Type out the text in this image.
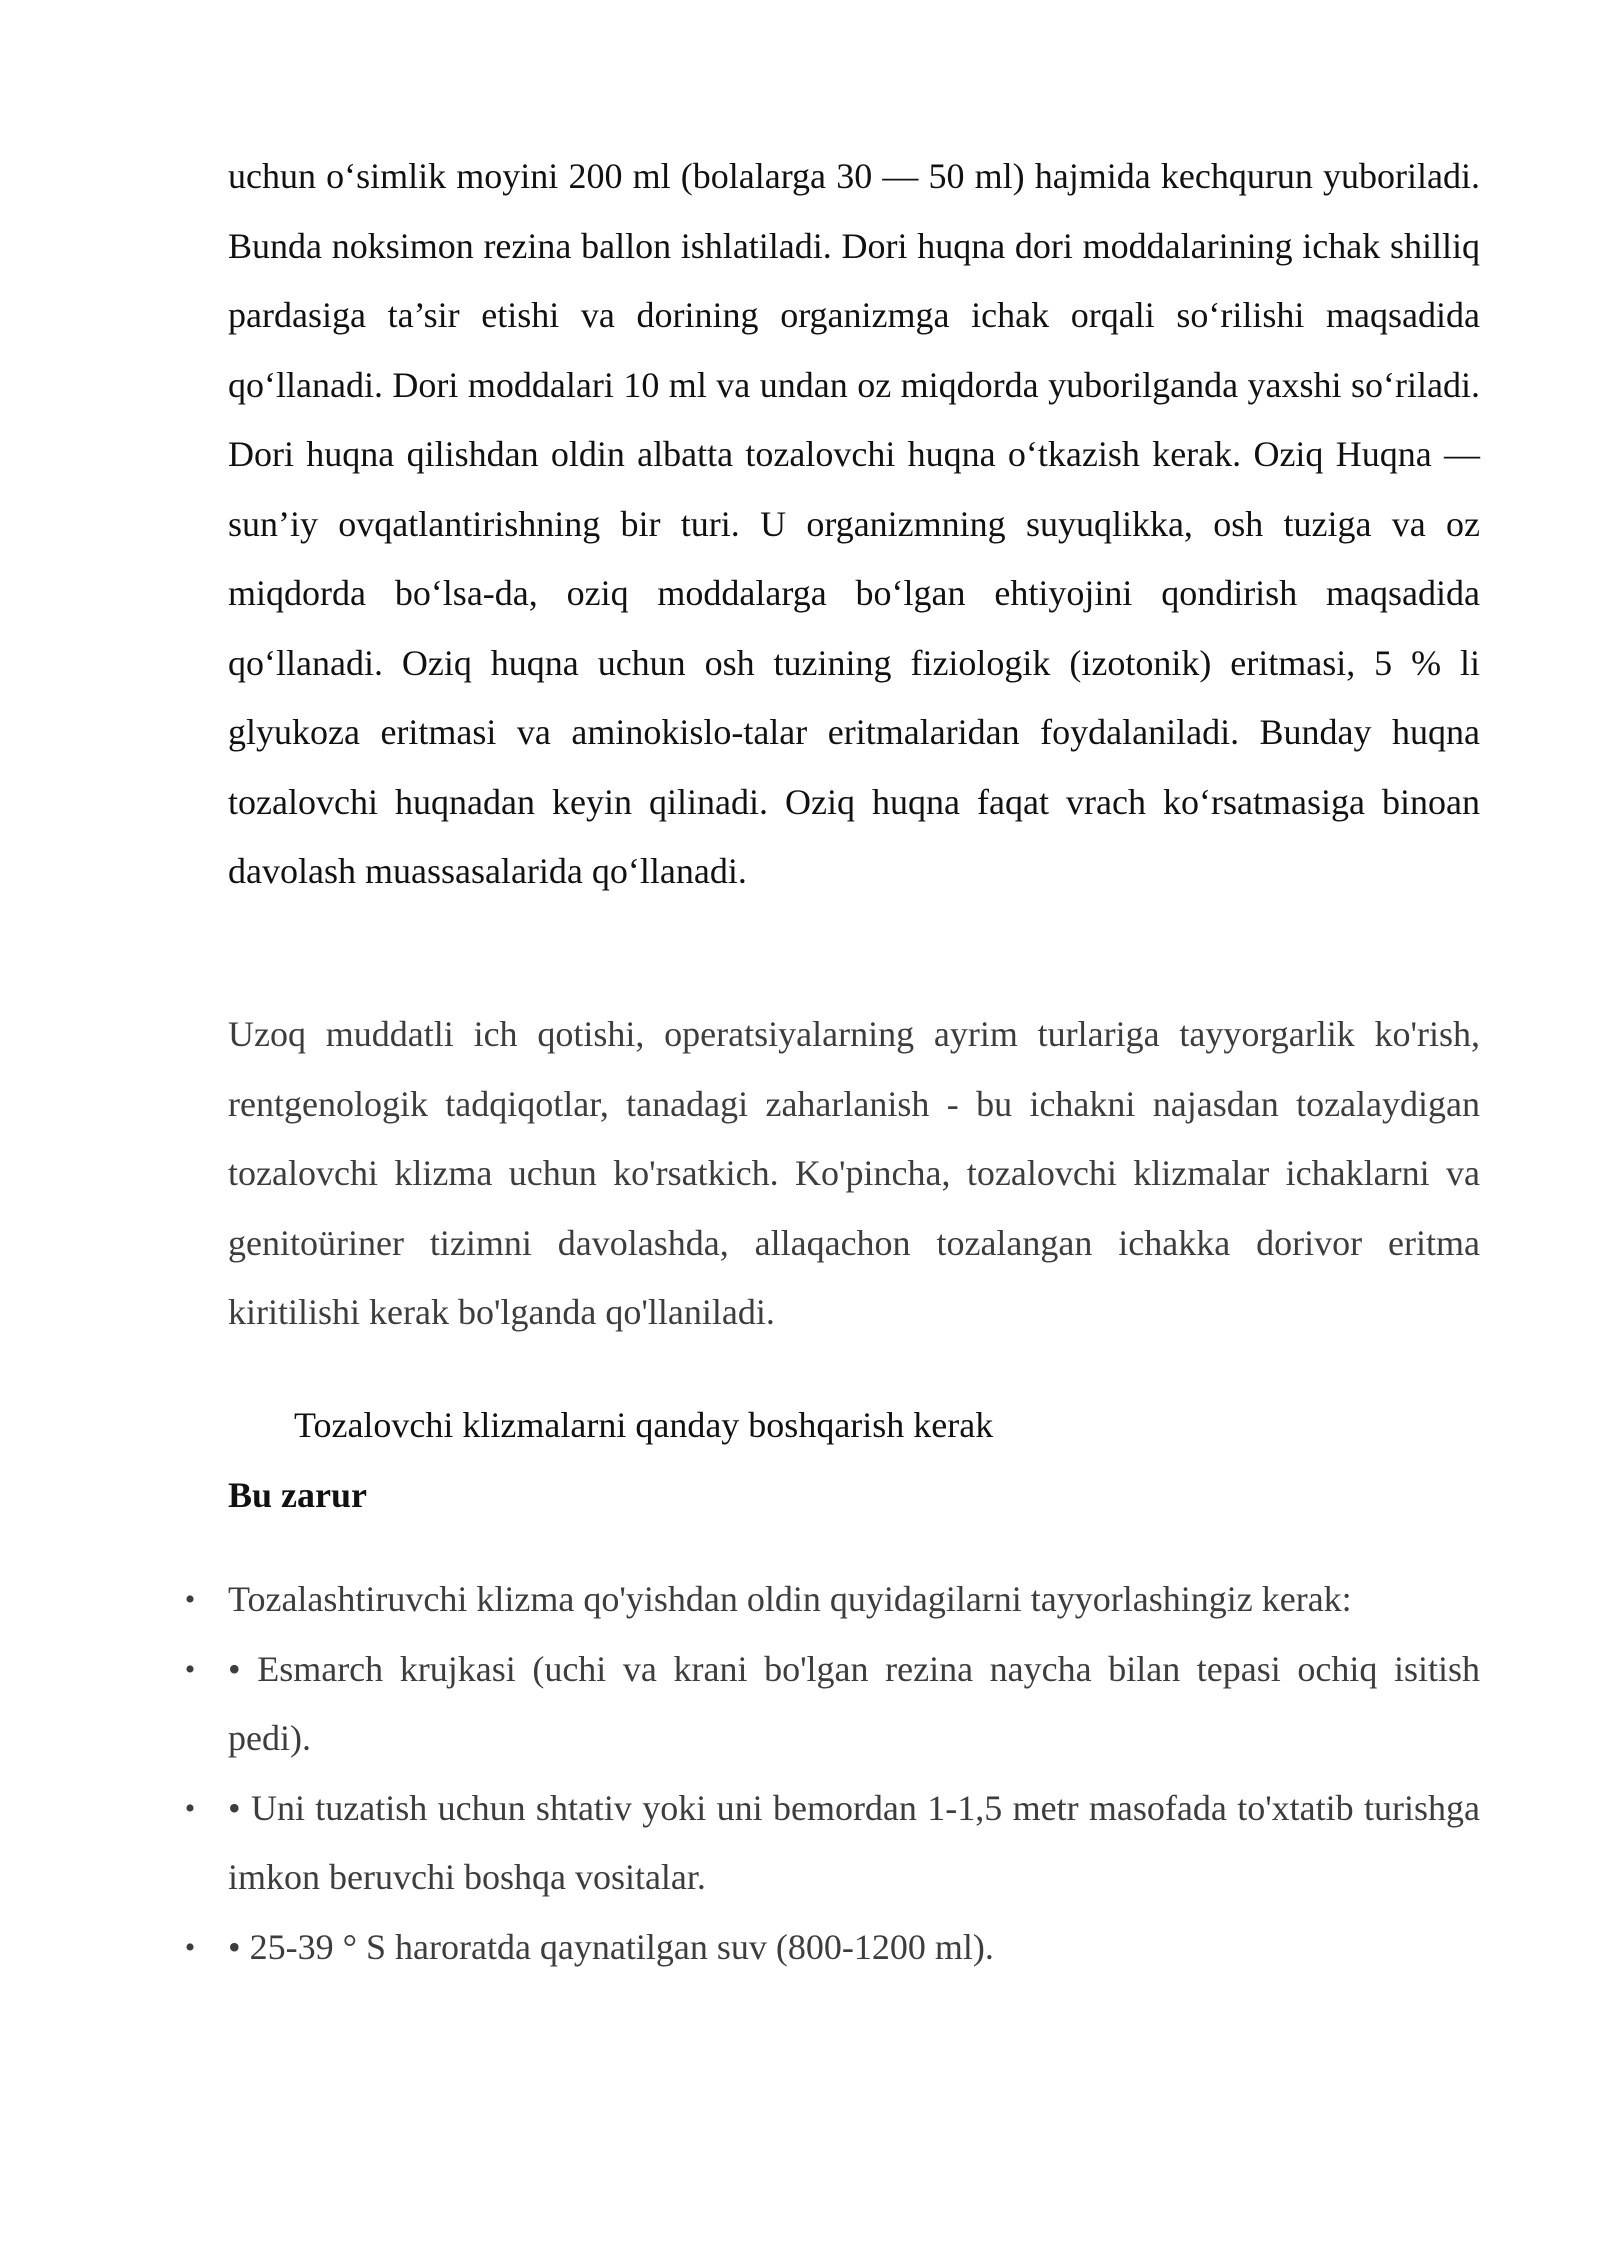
uchun o‘simlik moyini 200 ml (bolalarga 30 — 50 ml) hajmida kechqurun yuboriladi. Bunda noksimon rezina ballon ishlatiladi. Dori huqna dori moddalarining ichak shilliq pardasiga ta’sir etishi va dorining organizmga ichak orqali so‘rilishi maqsadida qo‘llanadi. Dori moddalari 10 ml va undan oz miqdorda yuborilganda yaxshi so‘riladi. Dori huqna qilishdan oldin albatta tozalovchi huqna o‘tkazish kerak. Oziq Huqna — sun’iy ovqatlantirishning bir turi. U organizmning suyuqlikka, osh tuziga va oz miqdorda bo‘lsa-da, oziq moddalarga bo‘lgan ehtiyojini qondirish maqsadida qo‘llanadi. Oziq huqna uchun osh tuzining fiziologik (izotonik) eritmasi, 5 % li glyukoza eritmasi va aminokislo-talar eritmalaridan foydalaniladi. Bunday huqna tozalovchi huqnadan keyin qilinadi. Oziq huqna faqat vrach ko‘rsatmasiga binoan davolash muassasalarida qo‘llanadi.

Uzoq muddatli ich qotishi, operatsiyalarning ayrim turlariga tayyorgarlik ko'rish, rentgenologik tadqiqotlar, tanadagi zaharlanish - bu ichakni najasdan tozalaydigan tozalovchi klizma uchun ko'rsatkich. Ko'pincha, tozalovchi klizmalar ichaklarni va genitoüriner tizimni davolashda, allaqachon tozalangan ichakka dorivor eritma kiritilishi kerak bo'lganda qo'llaniladi.

Tozalovchi klizmalarni qanday boshqarish kerak

Bu zarur

• Tozalashtiruvchi klizma qo'yishdan oldin quyidagilarni tayyorlashingiz kerak:
• • Esmarch krujkasi (uchi va krani bo'lgan rezina naycha bilan tepasi ochiq isitish pedi).
• • Uni tuzatish uchun shtativ yoki uni bemordan 1-1,5 metr masofada to'xtatib turishga imkon beruvchi boshqa vositalar.
• • 25-39 ° S haroratda qaynatilgan suv (800-1200 ml).
